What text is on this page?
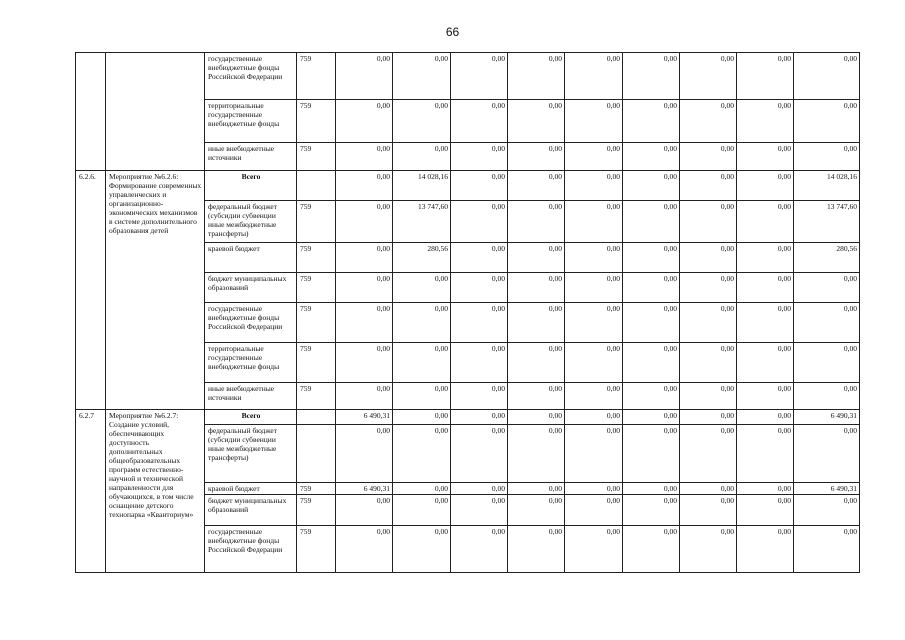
66
		государственные внебюджетные фонды Российской Федерации	759	0,00	0,00	0,00	0,00	0,00	0,00	0,00	0,00	0,00
		территориальные государственные внебюджетные фонды	759	0,00	0,00	0,00	0,00	0,00	0,00	0,00	0,00	0,00
		иные внебюджетные источники	759	0,00	0,00	0,00	0,00	0,00	0,00	0,00	0,00	0,00
6.2.6.	Мероприятие №6.2.6: Формирование современных управленческих и организационно-экономических механизмов в системе дополнительного образования детей	Всего		0,00	14 028,16	0,00	0,00	0,00	0,00	0,00	0,00	14 028,16
		федеральный бюджет (субсидии субвенции иные межбюджетные трансферты)	759	0,00	13 747,60	0,00	0,00	0,00	0,00	0,00	0,00	13 747,60
		краевой бюджет	759	0,00	280,56	0,00	0,00	0,00	0,00	0,00	0,00	280,56
		бюджет муниципальных образований	759	0,00	0,00	0,00	0,00	0,00	0,00	0,00	0,00	0,00
		государственные внебюджетные фонды Российской Федерации	759	0,00	0,00	0,00	0,00	0,00	0,00	0,00	0,00	0,00
		территориальные государственные внебюджетные фонды	759	0,00	0,00	0,00	0,00	0,00	0,00	0,00	0,00	0,00
		иные внебюджетные источники	759	0,00	0,00	0,00	0,00	0,00	0,00	0,00	0,00	0,00
6.2.7	Мероприятие №6.2.7: Создание условий, обеспечивающих доступность дополнительных общеобразовательных программ естественно-научной и технической направленности для обучающихся, в том числе оснащение детского технопарка «Кванториум»	Всего		6 490,31	0,00	0,00	0,00	0,00	0,00	0,00	0,00	6 490,31
		федеральный бюджет (субсидии субвенции иные межбюджетные трансферты)		0,00	0,00	0,00	0,00	0,00	0,00	0,00	0,00	0,00
		краевой бюджет	759	6 490,31	0,00	0,00	0,00	0,00	0,00	0,00	0,00	6 490,31
		бюджет муниципальных образований	759	0,00	0,00	0,00	0,00	0,00	0,00	0,00	0,00	0,00
		государственные внебюджетные фонды Российской Федерации	759	0,00	0,00	0,00	0,00	0,00	0,00	0,00	0,00	0,00
